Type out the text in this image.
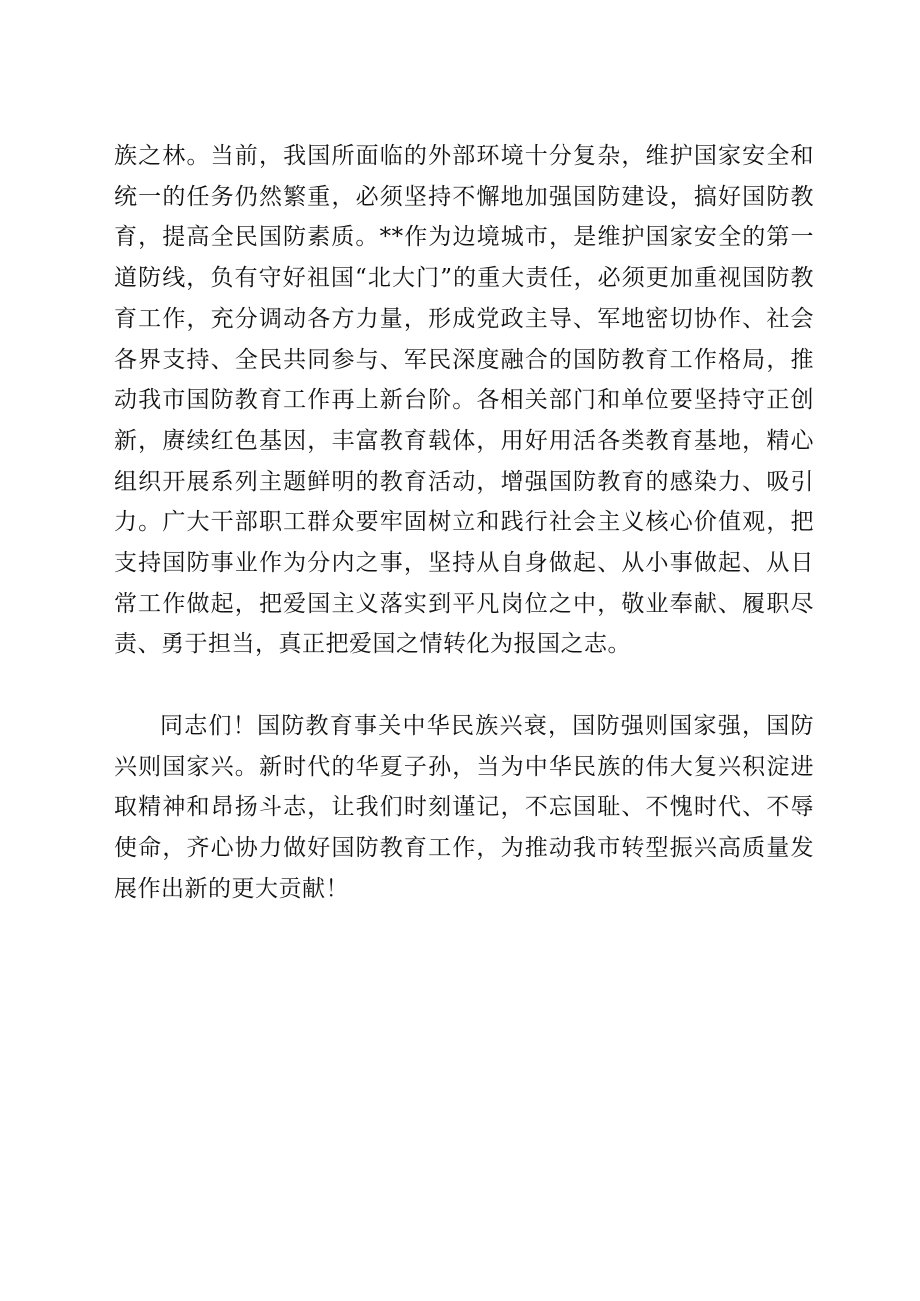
族之林。当前，我国所面临的外部环境十分复杂，维护国家安全和统一的任务仍然繁重，必须坚持不懈地加强国防建设，搞好国防教育，提高全民国防素质。**作为边境城市，是维护国家安全的第一道防线，负有守好祖国“北大门”的重大责任，必须更加重视国防教育工作，充分调动各方力量，形成党政主导、军地密切协作、社会各界支持、全民共同参与、军民深度融合的国防教育工作格局，推动我市国防教育工作再上新台阶。各相关部门和单位要坚持守正创新，赓续红色基因，丰富教育载体，用好用活各类教育基地，精心组织开展系列主题鲜明的教育活动，增强国防教育的感染力、吸引力。广大干部职工群众要牢固树立和践行社会主义核心价值观，把支持国防事业作为分内之事，坚持从自身做起、从小事做起、从日常工作做起，把爱国主义落实到平凡岗位之中，敬业奉献、履职尽责、勇于担当，真正把爱国之情转化为报国之志。

同志们！国防教育事关中华民族兴衰，国防强则国家强，国防兴则国家兴。新时代的华夏子孙，当为中华民族的伟大复兴积淀进取精神和昂扬斗志，让我们时刻谨记，不忘国耻、不愧时代、不辱使命，齐心协力做好国防教育工作，为推动我市转型振兴高质量发展作出新的更大贡献！
